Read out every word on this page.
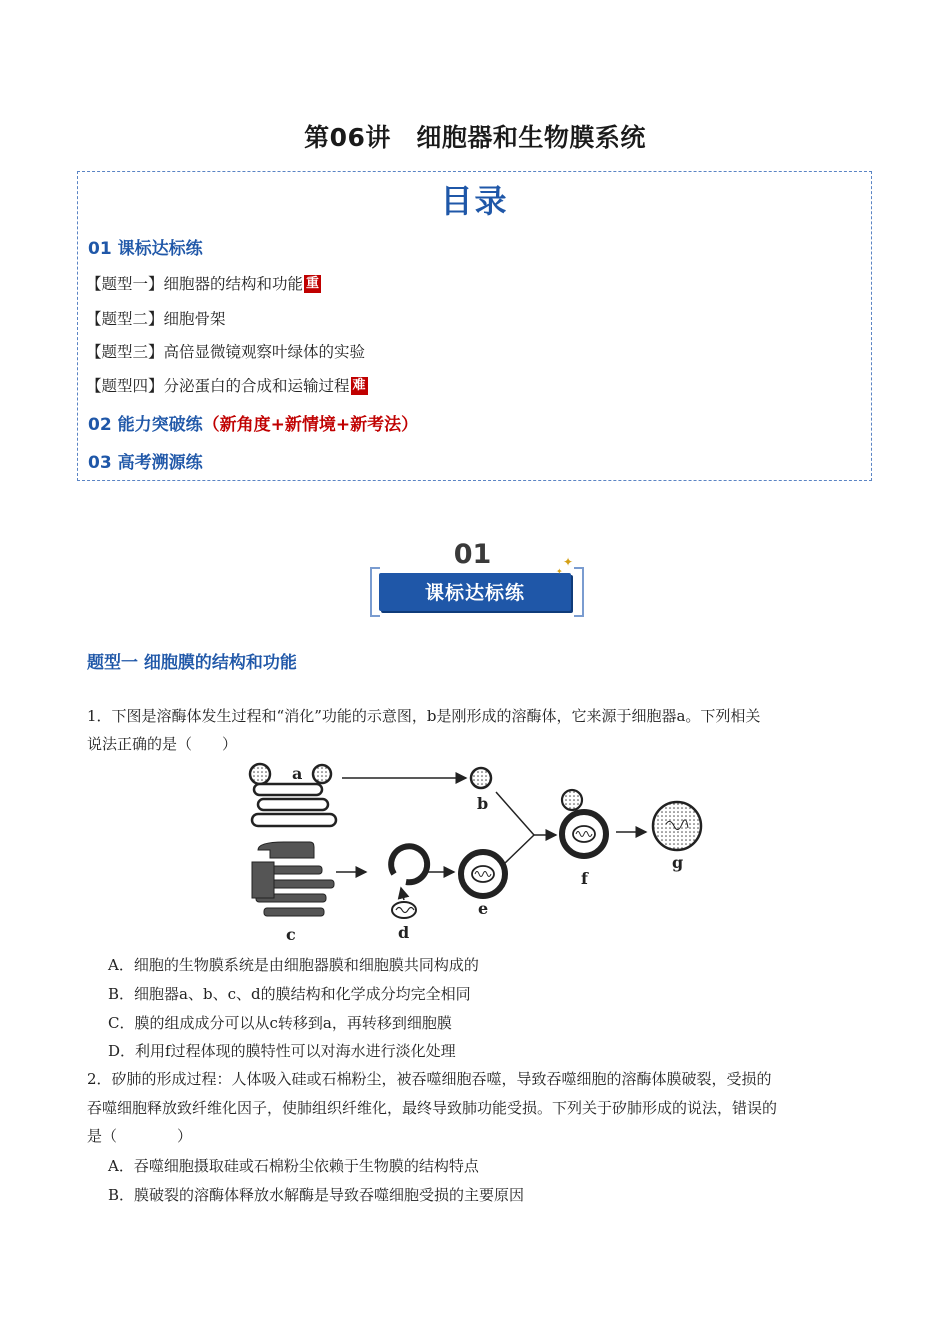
第06讲　细胞器和生物膜系统
目录
01 课标达标练
【题型一】细胞器的结构和功能 重
【题型二】细胞骨架
【题型三】高倍显微镜观察叶绿体的实验
【题型四】分泌蛋白的合成和运输过程 难
02 能力突破练（新角度+新情境+新考法）
03 高考溯源练
01
课标达标练
✦
✦
题型一 细胞膜的结构和功能
1．下图是溶酶体发生过程和“消化”功能的示意图，b是刚形成的溶酶体，它来源于细胞器a。下列相关
说法正确的是（　　）
a
b
c	d
e
f
g
A．细胞的生物膜系统是由细胞器膜和细胞膜共同构成的
B．细胞器a、b、c、d的膜结构和化学成分均完全相同
C．膜的组成成分可以从c转移到a，再转移到细胞膜
D．利用f过程体现的膜特性可以对海水进行淡化处理
2．矽肺的形成过程：人体吸入硅或石棉粉尘，被吞噬细胞吞噬，导致吞噬细胞的溶酶体膜破裂，受损的
吞噬细胞释放致纤维化因子，使肺组织纤维化，最终导致肺功能受损。下列关于矽肺形成的说法，错误的
是（　　　　）
A．吞噬细胞摄取硅或石棉粉尘依赖于生物膜的结构特点
B．膜破裂的溶酶体释放水解酶是导致吞噬细胞受损的主要原因
